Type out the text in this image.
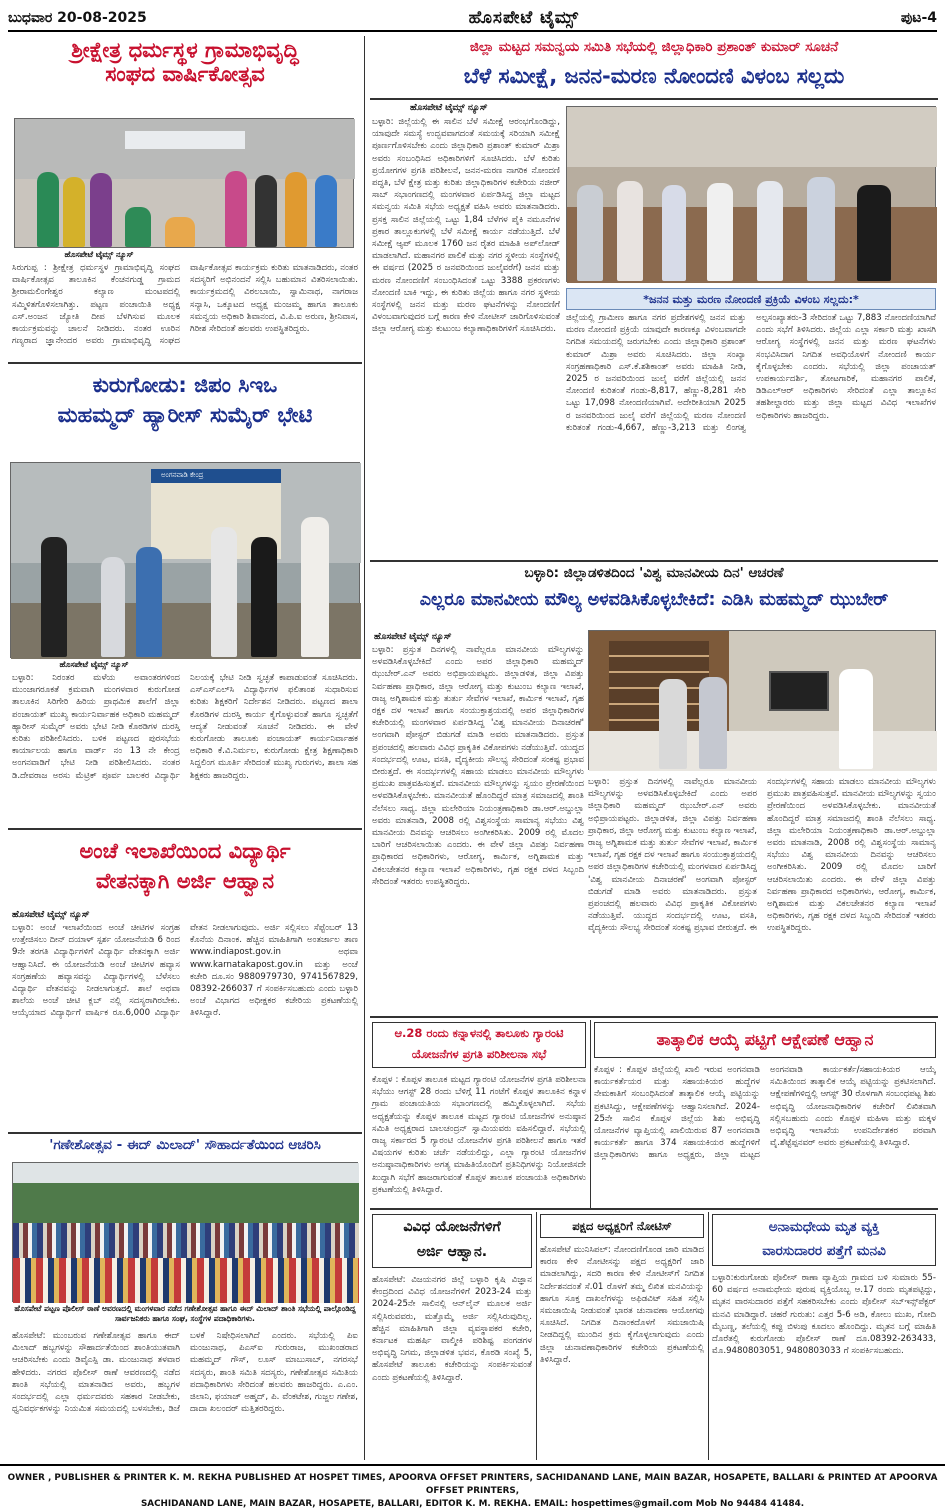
ಬುಧವಾರ 20-08-2025	ಹೊಸಪೇಟೆ ಟೈಮ್ಸ್	ಪುಟ-4
ಶ್ರೀಕ್ಷೇತ್ರ ಧರ್ಮಸ್ಥಳ ಗ್ರಾಮಾಭಿವೃದ್ಧಿ
ಸಂಘದ ವಾರ್ಷಿಕೋತ್ಸವ
ಹೊಸಪೇಟೆ ಟೈಮ್ಸ್ ನ್ಯೂಸ್
ಸಿರುಗುಪ್ಪ : ಶ್ರೀಕ್ಷೇತ್ರ ಧರ್ಮಸ್ಥಳ ಗ್ರಾಮಾಭಿವೃದ್ಧಿ ಸಂಘದ ವಾರ್ಷಿಕೋತ್ಸವ ತಾಲೂಕಿನ ಕೆಂಚನಗುಡ್ಡ ಗ್ರಾಮದ ಶ್ರೀರಾಮಲಿಂಗೇಶ್ವರ ಕಲ್ಯಾಣ ಮಂಟಪದಲ್ಲಿ ಸಮ್ಮಿಳಿತಗೊಳಿಸಲಾಗಿತ್ತು. ಪಟ್ಟಣ ಪಂಚಾಯಿತಿ ಅಧ್ಯಕ್ಷ ಎಸ್.ಅಂಜನ ಜ್ಯೋತಿ ದೀಪ ಬೆಳಗಿಸುವ ಮೂಲಕ ಕಾರ್ಯಕ್ರಮವನ್ನು ಚಾಲನೆ ನೀಡಿದರು. ನಂತರ ಊರಿನ ಗಣ್ಯರಾದ ಜ್ಞಾನೇಂದರ ಅವರು ಗ್ರಾಮಾಭಿವೃದ್ಧಿ ಸಂಘದ ವಾರ್ಷಿಕೋತ್ಸವ ಕಾರ್ಯಕ್ರಮ ಕುರಿತು ಮಾತನಾಡಿದರು, ನಂತರ ಸದಸ್ಯರಿಗೆ ಅಭಿನಂದನೆ ಸಲ್ಲಿಸಿ ಬಹುಮಾನ ವಿತರಿಸಲಾಯಿತು. ಕಾರ್ಯಕ್ರಮದಲ್ಲಿ ವಿಠಲಬಾಯಿ, ಸ್ವಾಮಿನಾಥ, ನಾಗರಾಜ ಸನ್ಯಾಸಿ, ಒಕ್ಕೂಟದ ಅಧ್ಯಕ್ಷ ಮಂಜಮ್ಮ ಹಾಗೂ ತಾಲೂಕು ಸಮನ್ವಯ ಅಧಿಕಾರಿ ಶಿವಾನಂದ, ವಿ.ಪಿ.ಐ ಅರುಣ, ಶ್ರೀನಿವಾಸ, ಗಿರೀಶ ಸೇರಿದಂತೆ ಹಲವರು ಉಪಸ್ಥಿತರಿದ್ದರು.
ಕುರುಗೋಡು: ಜಿಪಂ ಸಿಇಒ
ಮಹಮ್ಮದ್ ಹ್ಯಾರೀಸ್ ಸುಮೈರ್ ಭೇಟಿ
ಅಂಗನವಾಡಿ ಕೇಂದ್ರ
ಹೊಸಪೇಟೆ ಟೈಮ್ಸ್ ನ್ಯೂಸ್
ಬಳ್ಳಾರಿ: ನಿರಂತರ ಮಳೆಯ ಅವಾಂತರಗಳಿಂದ ಮುಂಜಾಗರೂಕತೆ ಕ್ರಮವಾಗಿ ಮಂಗಳವಾರ ಕುರುಗೋಡ ತಾಲೂಕಿನ ಸಿರಿಗೇರಿ ಹಿರಿಯ ಪ್ರಾಥಮಿಕ ಶಾಲೆಗೆ ಜಿಲ್ಲಾ ಪಂಚಾಯತ್ ಮುಖ್ಯ ಕಾರ್ಯನಿರ್ವಾಹಕ ಅಧಿಕಾರಿ ಮಹಮ್ಮದ್ ಹ್ಯಾರೀಸ್ ಸುಮೈರ್ ಅವರು ಭೇಟಿ ನೀಡಿ ಕೊಠಡಿಗಳ ದುರಸ್ತಿ ಕುರಿತು ಪರಿಶೀಲಿಸಿದರು. ಬಳಿಕ ಪಟ್ಟಣದ ಪುರಸಭೆಯ ಕಾರ್ಯಾಲಯ ಹಾಗೂ ವಾರ್ಡ್ ನಂ 13 ನೇ ಕೇಂದ್ರ ಅಂಗನವಾಡಿಗೆ ಭೇಟಿ ನೀಡಿ ಪರಿಶೀಲಿಸಿದರು. ನಂತರ ಡಿ.ದೇವರಾಜ ಅರಸು ಮೆಟ್ರಿಕ್ ಪೂರ್ವ ಬಾಲಕರ ವಿದ್ಯಾರ್ಥಿ ನಿಲಯಕ್ಕೆ ಭೇಟಿ ನೀಡಿ ಸ್ವಚ್ಛತೆ ಕಾಪಾಡುವಂತೆ ಸೂಚಿಸಿದರು. ಎಸ್‌ಎಸ್‌ಎಲ್‌ಸಿ ವಿದ್ಯಾರ್ಥಿಗಳ ಫಲಿತಾಂಶ ಸುಧಾರಿಸುವ ಕುರಿತು ಶಿಕ್ಷಕರಿಗೆ ನಿರ್ದೇಶನ ನೀಡಿದರು. ಪಟ್ಟಣದ ಶಾಲಾ ಕೊಠಡಿಗಳ ದುರಸ್ತಿ ಕಾರ್ಯ ಕೈಗೊಳ್ಳುವಂತೆ ಹಾಗೂ ಸ್ವಚ್ಛತೆಗೆ ಆದ್ಯತೆ ನೀಡುವಂತೆ ಸೂಚನೆ ನೀಡಿದರು. ಈ ವೇಳೆ ಕುರುಗೋಡು ತಾಲೂಕು ಪಂಚಾಯತ್ ಕಾರ್ಯನಿರ್ವಾಹಕ ಅಧಿಕಾರಿ ಕೆ.ವಿ.ನಿರ್ಮಲ, ಕುರುಗೋಡು ಕ್ಷೇತ್ರ ಶಿಕ್ಷಣಾಧಿಕಾರಿ ಸಿದ್ದಲಿಂಗ ಮೂರ್ತಿ ಸೇರಿದಂತೆ ಮುಖ್ಯ ಗುರುಗಳು, ಶಾಲಾ ಸಹ ಶಿಕ್ಷಕರು ಹಾಜರಿದ್ದರು.
ಅಂಚೆ ಇಲಾಖೆಯಿಂದ ವಿದ್ಯಾರ್ಥಿ
ವೇತನಕ್ಕಾಗಿ ಅರ್ಜಿ ಆಹ್ವಾನ
ಹೊಸಪೇಟೆ ಟೈಮ್ಸ್ ನ್ಯೂಸ್
ಬಳ್ಳಾರಿ: ಅಂಚೆ ಇಲಾಖೆಯಿಂದ ಅಂಚೆ ಚೀಟಿಗಳ ಸಂಗ್ರಹ ಉತ್ತೇಜಿಸಲು ದೀನ್ ದಯಾಳ್ ಸ್ಪರ್ಶ ಯೋಜನೆಯಡಿ 6 ರಿಂದ 9ನೇ ತರಗತಿ ವಿದ್ಯಾರ್ಥಿಗಳಿಗೆ ವಿದ್ಯಾರ್ಥಿ ವೇತನಕ್ಕಾಗಿ ಅರ್ಜಿ ಆಹ್ವಾನಿಸಿದೆ. ಈ ಯೋಜನೆಯಡಿ ಅಂಚೆ ಚೀಟಿಗಳ ಹವ್ಯಾಸ ಸಂಗ್ರಹಣೆಯ ಹವ್ಯಾಸವನ್ನು ವಿದ್ಯಾರ್ಥಿಗಳಲ್ಲಿ ಬೆಳೆಸಲು ವಿದ್ಯಾರ್ಥಿ ವೇತನವನ್ನು ನೀಡಲಾಗುತ್ತದೆ. ಶಾಲೆ ಅಥವಾ ಶಾಲೆಯ ಅಂಚೆ ಚೀಟಿ ಕ್ಲಬ್ ನಲ್ಲಿ ಸದಸ್ಯರಾಗಿರಬೇಕು. ಆಯ್ಕೆಯಾದ ವಿದ್ಯಾರ್ಥಿಗೆ ವಾರ್ಷಿಕ ರೂ.6,000 ವಿದ್ಯಾರ್ಥಿ ವೇತನ ನೀಡಲಾಗುವುದು. ಅರ್ಜಿ ಸಲ್ಲಿಸಲು ಸೆಪ್ಟೆಂಬರ್ 13 ಕೊನೆಯ ದಿನಾಂಕ. ಹೆಚ್ಚಿನ ಮಾಹಿತಿಗಾಗಿ ಅಂತರ್ಜಾಲ ತಾಣ www.indiapost.gov.in ಅಥವಾ www.karnatakapost.gov.in ಮತ್ತು ಅಂಚೆ ಕಚೇರಿ ದೂ.ಸಂ 9880979730, 9741567829, 08392-266037 ಗೆ ಸಂಪರ್ಕಿಸಬಹುದು ಎಂದು ಬಳ್ಳಾರಿ ಅಂಚೆ ವಿಭಾಗದ ಅಧೀಕ್ಷಕರ ಕಚೇರಿಯ ಪ್ರಕಟಣೆಯಲ್ಲಿ ತಿಳಿಸಿದ್ದಾರೆ.
'ಗಣೇಶೋತ್ಸವ - ಈದ್ ಮಿಲಾದ್' ಸೌಹಾರ್ದತೆಯಿಂದ ಆಚರಿಸಿ
ಹೊಸಪೇಟೆ ಪಟ್ಟಣ ಪೊಲೀಸ್ ಠಾಣೆ ಆವರಣದಲ್ಲಿ ಮಂಗಳವಾರ ನಡೆದ ಗಣೇಶೋತ್ಸವ ಹಾಗೂ ಈದ್ ಮಿಲಾದ್ ಶಾಂತಿ ಸಭೆಯಲ್ಲಿ ಪಾಲ್ಗೊಂಡಿದ್ದ ಸಾರ್ವಜನಿಕರು ಹಾಗೂ ಸಂಘ, ಸಂಸ್ಥೆಗಳ ಪದಾಧಿಕಾರಿಗಳು.
ಹೊಸಪೇಟೆ: ಮುಂಬರುವ ಗಣೇಶೋತ್ಸವ ಹಾಗೂ ಈದ್ ಮಿಲಾದ್ ಹಬ್ಬಗಳನ್ನು ಸೌಹಾರ್ದತೆಯಿಂದ ಶಾಂತಿಯುತವಾಗಿ ಆಚರಿಸಬೇಕು ಎಂದು ಡಿವೈಎಸ್ಪಿ ಡಾ. ಮಂಜುನಾಥ ತಳವಾರ ಹೇಳಿದರು. ನಗರದ ಪೊಲೀಸ್ ಠಾಣೆ ಆವರಣದಲ್ಲಿ ನಡೆದ ಶಾಂತಿ ಸಭೆಯಲ್ಲಿ ಮಾತನಾಡಿದ ಅವರು, ಹಬ್ಬಗಳ ಸಂದರ್ಭದಲ್ಲಿ ಎಲ್ಲಾ ಧರ್ಮದವರು ಸಹಕಾರ ನೀಡಬೇಕು, ಧ್ವನಿವರ್ಧಕಗಳನ್ನು ನಿಯಮಿತ ಸಮಯದಲ್ಲಿ ಬಳಸಬೇಕು, ಡಿಜೆ ಬಳಕೆ ನಿಷೇಧಿಸಲಾಗಿದೆ ಎಂದರು. ಸಭೆಯಲ್ಲಿ ಪಿಐ ಮಂಜುನಾಥ, ಪಿಎಸ್‌ಐ ಗುರುರಾಜ, ಮುಖಂಡರಾದ ಮಹಮ್ಮದ್ ಗೌಸ್, ಲೂಸ್ ಮಾಬುಸಾಬ್, ನಗರಸಭೆ ಸದಸ್ಯರು, ಶಾಂತಿ ಸಮಿತಿ ಸದಸ್ಯರು, ಗಣೇಶೋತ್ಸವ ಸಮಿತಿಯ ಪದಾಧಿಕಾರಿಗಳು ಸೇರಿದಂತೆ ಹಲವರು ಹಾಜರಿದ್ದರು. ಎ.ಎಂ. ಜಿಲಾನಿ, ಫಯಾಜ್ ಅಹ್ಮದ್, ಪಿ. ವೆಂಕಟೇಶ, ಗುಜ್ಜಲ ಗಣೇಶ, ದಾದಾ ಖಲಂದರ್ ಮತ್ತಿತರರಿದ್ದರು.
ಜಿಲ್ಲಾ ಮಟ್ಟದ ಸಮನ್ವಯ ಸಮಿತಿ ಸಭೆಯಲ್ಲಿ ಜಿಲ್ಲಾಧಿಕಾರಿ ಪ್ರಶಾಂತ್ ಕುಮಾರ್ ಸೂಚನೆ
ಬೆಳೆ ಸಮೀಕ್ಷೆ, ಜನನ-ಮರಣ ನೋಂದಣಿ ವಿಳಂಬ ಸಲ್ಲದು
ಹೊಸಪೇಟೆ ಟೈಮ್ಸ್ ನ್ಯೂಸ್
ಬಳ್ಳಾರಿ: ಜಿಲ್ಲೆಯಲ್ಲಿ ಈ ಸಾಲಿನ ಬೆಳೆ ಸಮೀಕ್ಷೆ ಆರಂಭಗೊಂಡಿದ್ದು, ಯಾವುದೇ ಸಮಸ್ಯೆ ಉದ್ಭವವಾಗದಂತೆ ಸಮಯಕ್ಕೆ ಸರಿಯಾಗಿ ಸಮೀಕ್ಷೆ ಪೂರ್ಣಗೊಳಿಸಬೇಕು ಎಂದು ಜಿಲ್ಲಾಧಿಕಾರಿ ಪ್ರಶಾಂತ್ ಕುಮಾರ್ ಮಿಶ್ರಾ ಅವರು ಸಂಬಂಧಿಸಿದ ಅಧಿಕಾರಿಗಳಿಗೆ ಸೂಚಿಸಿದರು. ಬೆಳೆ ಕುರಿತು ಪ್ರಯೋಗಗಳ ಪ್ರಗತಿ ಪರಿಶೀಲನೆ, ಜನನ-ಮರಣ ನಾಗರಿಕ ನೋಂದಣಿ ಪದ್ಧತಿ, ಬೆಳೆ ಕ್ಷೇತ್ರ ಮತ್ತು ಕುರಿತು ಜಿಲ್ಲಾಧಿಕಾರಿಗಳ ಕಚೇರಿಯ ನಜೀರ್ ಸಾಬ್ ಸಭಾಂಗಣದಲ್ಲಿ ಮಂಗಳವಾರ ಏರ್ಪಡಿಸಿದ್ದ ಜಿಲ್ಲಾ ಮಟ್ಟದ ಸಮನ್ವಯ ಸಮಿತಿ ಸಭೆಯ ಅಧ್ಯಕ್ಷತೆ ವಹಿಸಿ ಅವರು ಮಾತನಾಡಿದರು. ಪ್ರಸಕ್ತ ಸಾಲಿನ ಜಿಲ್ಲೆಯಲ್ಲಿ ಒಟ್ಟು 1,84 ಬೆಳೆಗಳ ಪೈಕಿ ನಮೂನೆಗಳ ಪ್ರಕಾರ ತಾಲ್ಲೂಕುಗಳಲ್ಲಿ ಬೆಳೆ ಸಮೀಕ್ಷೆ ಕಾರ್ಯ ನಡೆಯುತ್ತಿದೆ. ಬೆಳೆ ಸಮೀಕ್ಷೆ ಆ್ಯಪ್ ಮೂಲಕ 1760 ಜನ ರೈತರ ಮಾಹಿತಿ ಅಪ್‌ಲೋಡ್ ಮಾಡಲಾಗಿದೆ. ಮಹಾನಗರ ಪಾಲಿಕೆ ಮತ್ತು ನಗರ ಸ್ಥಳೀಯ ಸಂಸ್ಥೆಗಳಲ್ಲಿ ಈ ವರ್ಷದ (2025 ರ ಜನವರಿಯಿಂದ ಜುಲೈವರೆಗೆ) ಜನನ ಮತ್ತು ಮರಣ ನೋಂದಣಿಗೆ ಸಂಬಂಧಿಸಿದಂತೆ ಒಟ್ಟು 3388 ಪ್ರಕರಣಗಳು ನೋಂದಣಿ ಬಾಕಿ ಇದ್ದು, ಈ ಕುರಿತು ಜಿಲ್ಲೆಯ ಹಾಗೂ ನಗರ ಸ್ಥಳೀಯ ಸಂಸ್ಥೆಗಳಲ್ಲಿ ಜನನ ಮತ್ತು ಮರಣ ಘಟನೆಗಳನ್ನು ನೋಂದಣಿಗೆ ವಿಳಂಬವಾಗುವುದರ ಬಗ್ಗೆ ಕಾರಣ ಕೇಳಿ ನೋಟೀಸ್ ಜಾರಿಗೊಳಿಸುವಂತೆ ಜಿಲ್ಲಾ ಆರೋಗ್ಯ ಮತ್ತು ಕುಟುಂಬ ಕಲ್ಯಾಣಾಧಿಕಾರಿಗಳಿಗೆ ಸೂಚಿಸಿದರು.
*ಜನನ ಮತ್ತು ಮರಣ ನೋಂದಣಿ ಪ್ರಕ್ರಿಯೆ ವಿಳಂಬ ಸಲ್ಲದು:*
ಜಿಲ್ಲೆಯಲ್ಲಿ ಗ್ರಾಮೀಣ ಹಾಗೂ ನಗರ ಪ್ರದೇಶಗಳಲ್ಲಿ ಜನನ ಮತ್ತು ಮರಣ ನೋಂದಣಿ ಪ್ರಕ್ರಿಯೆ ಯಾವುದೇ ಕಾರಣಕ್ಕೂ ವಿಳಂಬವಾಗದೇ ನಿಗದಿತ ಸಮಯದಲ್ಲಿ ಜರುಗಬೇಕು ಎಂದು ಜಿಲ್ಲಾಧಿಕಾರಿ ಪ್ರಶಾಂತ್ ಕುಮಾರ್ ಮಿಶ್ರಾ ಅವರು ಸೂಚಿಸಿದರು. ಜಿಲ್ಲಾ ಸಂಖ್ಯಾ ಸಂಗ್ರಹಣಾಧಿಕಾರಿ ಎಸ್.ಕೆ.ಶಶಿಕಾಂತ್ ಅವರು ಮಾಹಿತಿ ನೀಡಿ, 2025 ರ ಜನವರಿಯಿಂದ ಜುಲೈ ವರೆಗೆ ಜಿಲ್ಲೆಯಲ್ಲಿ ಜನನ ನೋಂದಣಿ ಕುರಿತಂತೆ ಗಂಡು-8,817, ಹೆಣ್ಣು-8,281 ಸೇರಿ ಒಟ್ಟು 17,098 ನೋಂದಣಿಯಾಗಿವೆ. ಅದೇರೀತಿಯಾಗಿ 2025 ರ ಜನವರಿಯಿಂದ ಜುಲೈ ವರೆಗೆ ಜಿಲ್ಲೆಯಲ್ಲಿ ಮರಣ ನೋಂದಣಿ ಕುರಿತಂತೆ ಗಂಡು-4,667, ಹೆಣ್ಣು-3,213 ಮತ್ತು ಲಿಂಗತ್ವ ಅಲ್ಪಸಂಖ್ಯಾತರು-3 ಸೇರಿದಂತೆ ಒಟ್ಟು 7,883 ನೋಂದಣಿಯಾಗಿವೆ ಎಂದು ಸಭೆಗೆ ತಿಳಿಸಿದರು. ಜಿಲ್ಲೆಯ ಎಲ್ಲಾ ಸರ್ಕಾರಿ ಮತ್ತು ಖಾಸಗಿ ಆರೋಗ್ಯ ಸಂಸ್ಥೆಗಳಲ್ಲಿ ಜನನ ಮತ್ತು ಮರಣ ಘಟನೆಗಳು ಸಂಭವಿಸಿದಾಗ ನಿಗದಿತ ಅವಧಿಯೊಳಗೆ ನೋಂದಣಿ ಕಾರ್ಯ ಕೈಗೊಳ್ಳಬೇಕು ಎಂದರು. ಸಭೆಯಲ್ಲಿ ಜಿಲ್ಲಾ ಪಂಚಾಯತ್ ಉಪಕಾರ್ಯದರ್ಶಿ, ತೋಟಗಾರಿಕೆ, ಮಹಾನಗರ ಪಾಲಿಕೆ, ಡಿಡಿಎಲ್‌ಆರ್ ಅಧಿಕಾರಿಗಳು ಸೇರಿದಂತೆ ಎಲ್ಲಾ ತಾಲ್ಲೂಕಿನ ತಹಶೀಲ್ದಾರರು ಮತ್ತು ಜಿಲ್ಲಾ ಮಟ್ಟದ ವಿವಿಧ ಇಲಾಖೆಗಳ ಅಧಿಕಾರಿಗಳು ಹಾಜರಿದ್ದರು.
ಬಳ್ಳಾರಿ: ಜಿಲ್ಲಾಡಳಿತದಿಂದ 'ವಿಶ್ವ ಮಾನವೀಯ ದಿನ' ಆಚರಣೆ
ಎಲ್ಲರೂ ಮಾನವೀಯ ಮೌಲ್ಯ ಅಳವಡಿಸಿಕೊಳ್ಳಬೇಕಿದೆ: ಎಡಿಸಿ ಮಹಮ್ಮದ್ ಝುಬೇರ್
ಹೊಸಪೇಟೆ ಟೈಮ್ಸ್ ನ್ಯೂಸ್
ಬಳ್ಳಾರಿ: ಪ್ರಸ್ತುತ ದಿನಗಳಲ್ಲಿ ನಾವೆಲ್ಲರೂ ಮಾನವೀಯ ಮೌಲ್ಯಗಳನ್ನು ಅಳವಡಿಸಿಕೊಳ್ಳಬೇಕಿದೆ ಎಂದು ಅಪರ ಜಿಲ್ಲಾಧಿಕಾರಿ ಮಹಮ್ಮದ್ ಝುಬೇರ್.ಎನ್ ಅವರು ಅಭಿಪ್ರಾಯಪಟ್ಟರು. ಜಿಲ್ಲಾಡಳಿತ, ಜಿಲ್ಲಾ ವಿಪತ್ತು ನಿರ್ವಹಣಾ ಪ್ರಾಧಿಕಾರ, ಜಿಲ್ಲಾ ಆರೋಗ್ಯ ಮತ್ತು ಕುಟುಂಬ ಕಲ್ಯಾಣ ಇಲಾಖೆ, ರಾಜ್ಯ ಅಗ್ನಿಶಾಮಕ ಮತ್ತು ತುರ್ತು ಸೇವೆಗಳ ಇಲಾಖೆ, ಕಾರ್ಮಿಕ ಇಲಾಖೆ, ಗೃಹ ರಕ್ಷಕ ದಳ ಇಲಾಖೆ ಹಾಗೂ ಸಂಯುಕ್ತಾಶ್ರಯದಲ್ಲಿ ಅಪರ ಜಿಲ್ಲಾಧಿಕಾರಿಗಳ ಕಚೇರಿಯಲ್ಲಿ ಮಂಗಳವಾರ ಏರ್ಪಡಿಸಿದ್ದ 'ವಿಶ್ವ ಮಾನವೀಯ ದಿನಾಚರಣೆ' ಅಂಗವಾಗಿ ಪೋಸ್ಟರ್ ಬಿಡುಗಡೆ ಮಾಡಿ ಅವರು ಮಾತನಾಡಿದರು. ಪ್ರಸ್ತುತ ಪ್ರಪಂಚದಲ್ಲಿ ಹಲವಾರು ವಿವಿಧ ಪ್ರಾಕೃತಿಕ ವಿಕೋಪಗಳು ನಡೆಯುತ್ತಿವೆ. ಯುದ್ಧದ ಸಂದರ್ಭದಲ್ಲಿ ಊಟ, ವಸತಿ, ವೈದ್ಯಕೀಯ ಸೌಲಭ್ಯ ಸೇರಿದಂತೆ ಸಂಕಷ್ಟ ಪ್ರಭಾವ ಬೀರುತ್ತದೆ. ಈ ಸಂದರ್ಭಗಳಲ್ಲಿ ಸಹಾಯ ಮಾಡಲು ಮಾನವೀಯ ಮೌಲ್ಯಗಳು ಪ್ರಮುಖ ಪಾತ್ರವಹಿಸುತ್ತವೆ. ಮಾನವೀಯ ಮೌಲ್ಯಗಳನ್ನು ಸ್ವಯಂ ಪ್ರೇರಣೆಯಿಂದ ಅಳವಡಿಸಿಕೊಳ್ಳಬೇಕು. ಮಾನವೀಯತೆ ಹೊಂದಿದ್ದರೆ ಮಾತ್ರ ಸಮಾಜದಲ್ಲಿ ಶಾಂತಿ ನೆಲೆಸಲು ಸಾಧ್ಯ. ಜಿಲ್ಲಾ ಮಲೇರಿಯಾ ನಿಯಂತ್ರಣಾಧಿಕಾರಿ ಡಾ.ಆರ್.ಅಬ್ದುಲ್ಲಾ ಅವರು ಮಾತನಾಡಿ, 2008 ರಲ್ಲಿ ವಿಶ್ವಸಂಸ್ಥೆಯ ಸಾಮಾನ್ಯ ಸಭೆಯು ವಿಶ್ವ ಮಾನವೀಯ ದಿನವನ್ನು ಆಚರಿಸಲು ಅಂಗೀಕರಿಸಿತು. 2009 ರಲ್ಲಿ ಮೊದಲ ಬಾರಿಗೆ ಆಚರಿಸಲಾಯಿತು ಎಂದರು. ಈ ವೇಳೆ ಜಿಲ್ಲಾ ವಿಪತ್ತು ನಿರ್ವಹಣಾ ಪ್ರಾಧಿಕಾರದ ಅಧಿಕಾರಿಗಳು, ಆರೋಗ್ಯ, ಕಾರ್ಮಿಕ, ಅಗ್ನಿಶಾಮಕ ಮತ್ತು ವಿಕಲಚೇತನರ ಕಲ್ಯಾಣ ಇಲಾಖೆ ಅಧಿಕಾರಿಗಳು, ಗೃಹ ರಕ್ಷಕ ದಳದ ಸಿಬ್ಬಂದಿ ಸೇರಿದಂತೆ ಇತರರು ಉಪಸ್ಥಿತರಿದ್ದರು.
ಬಳ್ಳಾರಿ: ಪ್ರಸ್ತುತ ದಿನಗಳಲ್ಲಿ ನಾವೆಲ್ಲರೂ ಮಾನವೀಯ ಮೌಲ್ಯಗಳನ್ನು ಅಳವಡಿಸಿಕೊಳ್ಳಬೇಕಿದೆ ಎಂದು ಅಪರ ಜಿಲ್ಲಾಧಿಕಾರಿ ಮಹಮ್ಮದ್ ಝುಬೇರ್.ಎನ್ ಅವರು ಅಭಿಪ್ರಾಯಪಟ್ಟರು. ಜಿಲ್ಲಾಡಳಿತ, ಜಿಲ್ಲಾ ವಿಪತ್ತು ನಿರ್ವಹಣಾ ಪ್ರಾಧಿಕಾರ, ಜಿಲ್ಲಾ ಆರೋಗ್ಯ ಮತ್ತು ಕುಟುಂಬ ಕಲ್ಯಾಣ ಇಲಾಖೆ, ರಾಜ್ಯ ಅಗ್ನಿಶಾಮಕ ಮತ್ತು ತುರ್ತು ಸೇವೆಗಳ ಇಲಾಖೆ, ಕಾರ್ಮಿಕ ಇಲಾಖೆ, ಗೃಹ ರಕ್ಷಕ ದಳ ಇಲಾಖೆ ಹಾಗೂ ಸಂಯುಕ್ತಾಶ್ರಯದಲ್ಲಿ ಅಪರ ಜಿಲ್ಲಾಧಿಕಾರಿಗಳ ಕಚೇರಿಯಲ್ಲಿ ಮಂಗಳವಾರ ಏರ್ಪಡಿಸಿದ್ದ 'ವಿಶ್ವ ಮಾನವೀಯ ದಿನಾಚರಣೆ' ಅಂಗವಾಗಿ ಪೋಸ್ಟರ್ ಬಿಡುಗಡೆ ಮಾಡಿ ಅವರು ಮಾತನಾಡಿದರು. ಪ್ರಸ್ತುತ ಪ್ರಪಂಚದಲ್ಲಿ ಹಲವಾರು ವಿವಿಧ ಪ್ರಾಕೃತಿಕ ವಿಕೋಪಗಳು ನಡೆಯುತ್ತಿವೆ. ಯುದ್ಧದ ಸಂದರ್ಭದಲ್ಲಿ ಊಟ, ವಸತಿ, ವೈದ್ಯಕೀಯ ಸೌಲಭ್ಯ ಸೇರಿದಂತೆ ಸಂಕಷ್ಟ ಪ್ರಭಾವ ಬೀರುತ್ತದೆ. ಈ ಸಂದರ್ಭಗಳಲ್ಲಿ ಸಹಾಯ ಮಾಡಲು ಮಾನವೀಯ ಮೌಲ್ಯಗಳು ಪ್ರಮುಖ ಪಾತ್ರವಹಿಸುತ್ತವೆ. ಮಾನವೀಯ ಮೌಲ್ಯಗಳನ್ನು ಸ್ವಯಂ ಪ್ರೇರಣೆಯಿಂದ ಅಳವಡಿಸಿಕೊಳ್ಳಬೇಕು. ಮಾನವೀಯತೆ ಹೊಂದಿದ್ದರೆ ಮಾತ್ರ ಸಮಾಜದಲ್ಲಿ ಶಾಂತಿ ನೆಲೆಸಲು ಸಾಧ್ಯ. ಜಿಲ್ಲಾ ಮಲೇರಿಯಾ ನಿಯಂತ್ರಣಾಧಿಕಾರಿ ಡಾ.ಆರ್.ಅಬ್ದುಲ್ಲಾ ಅವರು ಮಾತನಾಡಿ, 2008 ರಲ್ಲಿ ವಿಶ್ವಸಂಸ್ಥೆಯ ಸಾಮಾನ್ಯ ಸಭೆಯು ವಿಶ್ವ ಮಾನವೀಯ ದಿನವನ್ನು ಆಚರಿಸಲು ಅಂಗೀಕರಿಸಿತು. 2009 ರಲ್ಲಿ ಮೊದಲ ಬಾರಿಗೆ ಆಚರಿಸಲಾಯಿತು ಎಂದರು. ಈ ವೇಳೆ ಜಿಲ್ಲಾ ವಿಪತ್ತು ನಿರ್ವಹಣಾ ಪ್ರಾಧಿಕಾರದ ಅಧಿಕಾರಿಗಳು, ಆರೋಗ್ಯ, ಕಾರ್ಮಿಕ, ಅಗ್ನಿಶಾಮಕ ಮತ್ತು ವಿಕಲಚೇತನರ ಕಲ್ಯಾಣ ಇಲಾಖೆ ಅಧಿಕಾರಿಗಳು, ಗೃಹ ರಕ್ಷಕ ದಳದ ಸಿಬ್ಬಂದಿ ಸೇರಿದಂತೆ ಇತರರು ಉಪಸ್ಥಿತರಿದ್ದರು.
ಆ.28 ರಂದು ಕನ್ನಾಳನಲ್ಲಿ ತಾಲೂಕು ಗ್ಯಾರಂಟಿ
ಯೋಜನೆಗಳ ಪ್ರಗತಿ ಪರಿಶೀಲನಾ ಸಭೆ
ಕೊಪ್ಪಳ : ಕೊಪ್ಪಳ ತಾಲೂಕ ಮಟ್ಟದ ಗ್ಯಾರಂಟಿ ಯೋಜನೆಗಳ ಪ್ರಗತಿ ಪರಿಶೀಲನಾ ಸಭೆಯು ಆಗಸ್ಟ್ 28 ರಂದು ಬೆಳಿಗ್ಗೆ 11 ಗಂಟೆಗೆ ಕೊಪ್ಪಳ ತಾಲೂಕಿನ ಕನ್ನಾಳ ಗ್ರಾಮ ಪಂಚಾಯತಿಯ ಸಭಾಂಗಣದಲ್ಲಿ ಹಮ್ಮಿಕೊಳ್ಳಲಾಗಿದೆ. ಸಭೆಯ ಅಧ್ಯಕ್ಷತೆಯನ್ನು ಕೊಪ್ಪಳ ತಾಲೂಕ ಮಟ್ಟದ ಗ್ಯಾರಂಟಿ ಯೋಜನೆಗಳ ಅನುಷ್ಠಾನ ಸಮಿತಿ ಅಧ್ಯಕ್ಷರಾದ ಬಾಲಚಂದ್ರನ್ ಸ್ವಾಮಿಯವರು ವಹಿಸಲಿದ್ದಾರೆ. ಸಭೆಯಲ್ಲಿ ರಾಜ್ಯ ಸರ್ಕಾರದ 5 ಗ್ಯಾರಂಟಿ ಯೋಜನೆಗಳ ಪ್ರಗತಿ ಪರಿಶೀಲನೆ ಹಾಗೂ ಇತರೆ ವಿಷಯಗಳ ಕುರಿತು ಚರ್ಚೆ ನಡೆಯಲಿದ್ದು, ಎಲ್ಲಾ ಗ್ಯಾರಂಟಿ ಯೋಜನೆಗಳ ಅನುಷ್ಠಾನಾಧಿಕಾರಿಗಳು ಅಗತ್ಯ ಮಾಹಿತಿಯೊಂದಿಗೆ ಪ್ರತಿನಿಧಿಗಳನ್ನು ನಿಯೋಜಿಸದೇ ಖುದ್ದಾಗಿ ಸಭೆಗೆ ಹಾಜರಾಗುವಂತೆ ಕೊಪ್ಪಳ ತಾಲೂಕ ಪಂಚಾಯತಿ ಅಧಿಕಾರಿಗಳು ಪ್ರಕಟಣೆಯಲ್ಲಿ ತಿಳಿಸಿದ್ದಾರೆ.
ತಾತ್ಕಾಲಿಕ ಆಯ್ಕೆ ಪಟ್ಟಿಗೆ ಆಕ್ಷೇಪಣೆ ಆಹ್ವಾನ
ಕೊಪ್ಪಳ : ಕೊಪ್ಪಳ ಜಿಲ್ಲೆಯಲ್ಲಿ ಖಾಲಿ ಇರುವ ಅಂಗನವಾಡಿ ಕಾರ್ಯಕರ್ತೆಯರ ಮತ್ತು ಸಹಾಯಕಿಯರ ಹುದ್ದೆಗಳ ನೇಮಕಾತಿಗೆ ಸಂಬಂಧಿಸಿದಂತೆ ತಾತ್ಕಾಲಿಕ ಆಯ್ಕೆ ಪಟ್ಟಿಯನ್ನು ಪ್ರಕಟಿಸಿದ್ದು, ಆಕ್ಷೇಪಣೆಗಳನ್ನು ಆಹ್ವಾನಿಸಲಾಗಿದೆ. 2024-25ನೇ ಸಾಲಿನ ಕೊಪ್ಪಳ ಜಿಲ್ಲೆಯ ಶಿಶು ಅಭಿವೃದ್ಧಿ ಯೋಜನೆಗಳ ವ್ಯಾಪ್ತಿಯಲ್ಲಿ ಖಾಲಿಯಿರುವ 87 ಅಂಗನವಾಡಿ ಕಾರ್ಯಕರ್ತೆ ಹಾಗೂ 374 ಸಹಾಯಕಿಯರ ಹುದ್ದೆಗಳಿಗೆ ಜಿಲ್ಲಾಧಿಕಾರಿಗಳು ಹಾಗೂ ಅಧ್ಯಕ್ಷರು, ಜಿಲ್ಲಾ ಮಟ್ಟದ ಅಂಗನವಾಡಿ ಕಾರ್ಯಕರ್ತೆ/ಸಹಾಯಕಿಯರ ಆಯ್ಕೆ ಸಮಿತಿಯಿಂದ ತಾತ್ಕಾಲಿಕ ಆಯ್ಕೆ ಪಟ್ಟಿಯನ್ನು ಪ್ರಕಟಿಸಲಾಗಿದೆ. ಆಕ್ಷೇಪಣೆಗಳಿದ್ದಲ್ಲಿ ಆಗಸ್ಟ್ 30 ರೊಳಗಾಗಿ ಸಂಬಂಧಪಟ್ಟ ಶಿಶು ಅಭಿವೃದ್ಧಿ ಯೋಜನಾಧಿಕಾರಿಗಳ ಕಚೇರಿಗೆ ಲಿಖಿತವಾಗಿ ಸಲ್ಲಿಸಬಹುದು ಎಂದು ಕೊಪ್ಪಳ ಮಹಿಳಾ ಮತ್ತು ಮಕ್ಕಳ ಅಭಿವೃದ್ಧಿ ಇಲಾಖೆಯ ಉಪನಿರ್ದೇಶಕರ ಪರವಾಗಿ ವೈ.ಶೆಟ್ಟೆಪ್ಪನವರ್ ಅವರು ಪ್ರಕಟಣೆಯಲ್ಲಿ ತಿಳಿಸಿದ್ದಾರೆ.
ವಿವಿಧ ಯೋಜನೆಗಳಿಗೆ
ಅರ್ಜಿ ಆಹ್ವಾನ.
ಹೊಸಪೇಟೆ: ವಿಜಯನಗರ ಜಿಲ್ಲೆ ಬಳ್ಳಾರಿ ಕೃಷಿ ವಿಜ್ಞಾನ ಕೇಂದ್ರದಿಂದ ವಿವಿಧ ಯೋಜನೆಗಳಿಗೆ 2023-24 ಮತ್ತು 2024-25ನೇ ಸಾಲಿನಲ್ಲಿ ಆನ್‌ಲೈನ್ ಮೂಲಕ ಅರ್ಜಿ ಸಲ್ಲಿಸಿರುವವರು, ಮತ್ತೊಮ್ಮೆ ಅರ್ಜಿ ಸಲ್ಲಿಸಿರುವುದಿಲ್ಲ. ಹೆಚ್ಚಿನ ಮಾಹಿತಿಗಾಗಿ ಜಿಲ್ಲಾ ವ್ಯವಸ್ಥಾಪಕರ ಕಚೇರಿ, ಕರ್ನಾಟಕ ಮಹರ್ಷಿ ವಾಲ್ಮೀಕಿ ಪರಿಶಿಷ್ಟ ಪಂಗಡಗಳ ಅಭಿವೃದ್ಧಿ ನಿಗಮ, ಜಿಲ್ಲಾಡಳಿತ ಭವನ, ಕೊಠಡಿ ಸಂಖ್ಯೆ 5, ಹೊಸಪೇಟೆ ತಾಲೂಕು ಕಚೇರಿಯನ್ನು ಸಂಪರ್ಕಿಸುವಂತೆ ಎಂದು ಪ್ರಕಟಣೆಯಲ್ಲಿ ತಿಳಿಸಿದ್ದಾರೆ.
ಪಕ್ಷದ ಅಧ್ಯಕ್ಷರಿಗೆ ನೋಟಿಸ್
ಹೊಸಪೇಟೆ ಮುನಿಸಿಪಲ್: ನೋಂದಣಿಗೊಂಡ ಜಾರಿ ಮಾಡಿದ ಕಾರಣ ಕೇಳಿ ನೋಟೀಸನ್ನು ಪಕ್ಷದ ಅಧ್ಯಕ್ಷರಿಗೆ ಜಾರಿ ಮಾಡಲಾಗಿದ್ದು, ಸದರಿ ಕಾರಣ ಕೇಳಿ ನೋಟೀಸ್‌ಗೆ ನಿಗದಿತ ನಿರ್ದೇಶನದಂತೆ ಸೆ.01 ರೊಳಗೆ ತಮ್ಮ ಲಿಖಿತ ಮನವಿಯನ್ನು ಹಾಗೂ ಸೂಕ್ತ ದಾಖಲೆಗಳನ್ನು ಅಫಿಡವಿಟ್ ಸಹಿತ ಸಲ್ಲಿಸಿ ಸಮಜಾಯಿಷಿ ನೀಡುವಂತೆ ಭಾರತ ಚುನಾವಣಾ ಆಯೋಗವು ಸೂಚಿಸಿದೆ. ನಿಗದಿತ ದಿನಾಂಕದೊಳಗೆ ಸಮಜಾಯಿಷಿ ನೀಡದಿದ್ದಲ್ಲಿ ಮುಂದಿನ ಕ್ರಮ ಕೈಗೊಳ್ಳಲಾಗುವುದು ಎಂದು ಜಿಲ್ಲಾ ಚುನಾವಣಾಧಿಕಾರಿಗಳ ಕಚೇರಿಯ ಪ್ರಕಟಣೆಯಲ್ಲಿ ತಿಳಿಸಿದ್ದಾರೆ.
ಅನಾಮಧೇಯ ಮೃತ ವ್ಯಕ್ತಿ
ವಾರಸುದಾರರ ಪತ್ತೆಗೆ ಮನವಿ
ಬಳ್ಳಾರಿ:ಕುರುಗೋಡು ಪೊಲೀಸ್ ಠಾಣಾ ವ್ಯಾಪ್ತಿಯ ಗ್ರಾಮದ ಬಳಿ ಸುಮಾರು 55-60 ವರ್ಷದ ಅನಾಮಧೇಯ ಪುರುಷ ವ್ಯಕ್ತಿಯೊಬ್ಬ ಆ.17 ರಂದು ಮೃತಪಟ್ಟಿದ್ದು, ಮೃತನ ವಾರಸುದಾರರ ಪತ್ತೆಗೆ ಸಹಕರಿಸಬೇಕು ಎಂದು ಪೊಲೀಸ್ ಸಬ್‌ಇನ್ಸ್‌ಪೆಕ್ಟರ್ ಮನವಿ ಮಾಡಿದ್ದಾರೆ. ಚಹರೆ ಗುರುತು: ಎತ್ತರ 5-6 ಅಡಿ, ಕೋಲು ಮುಖ, ಗೋದಿ ಮೈಬಣ್ಣ, ತಲೆಯಲ್ಲಿ ಕಪ್ಪು ಬಿಳುಪು ಕೂದಲು ಹೊಂದಿದ್ದು. ಮೃತನ ಬಗ್ಗೆ ಮಾಹಿತಿ ದೊರೆತಲ್ಲಿ ಕುರುಗೋಡು ಪೊಲೀಸ್ ಠಾಣೆ ದೂ.08392-263433, ಮೊ.9480803051, 9480803033 ಗೆ ಸಂಪರ್ಕಿಸಬಹುದು.
OWNER , PUBLISHER & PRINTER K. M. REKHA PUBLISHED AT HOSPET TIMES, APOORVA OFFSET PRINTERS, SACHIDANAND LANE, MAIN BAZAR, HOSAPETE, BALLARI & PRINTED AT APOORVA OFFSET PRINTERS,
SACHIDANAND LANE, MAIN BAZAR, HOSAPETE, BALLARI, EDITOR K. M. REKHA. EMAIL: hospettimes@gmail.com Mob No 94484 41484.
